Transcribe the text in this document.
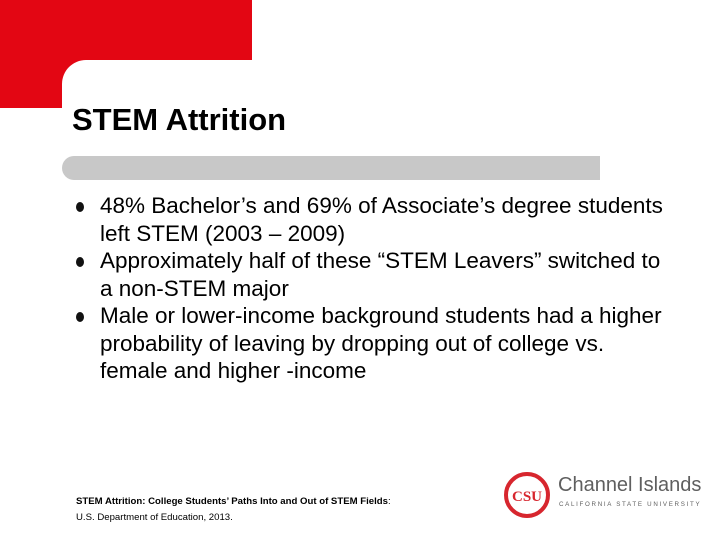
STEM Attrition
48% Bachelor’s and 69% of Associate’s degree students left STEM (2003 – 2009)
Approximately half of these “STEM Leavers” switched to a non-STEM major
Male or lower-income background students had a higher probability of leaving by dropping out of college vs. female and higher -income
STEM Attrition: College Students’ Paths Into and Out of STEM Fields:
U.S. Department of Education, 2013.
CSU
Channel Islands
CALIFORNIA STATE UNIVERSITY
